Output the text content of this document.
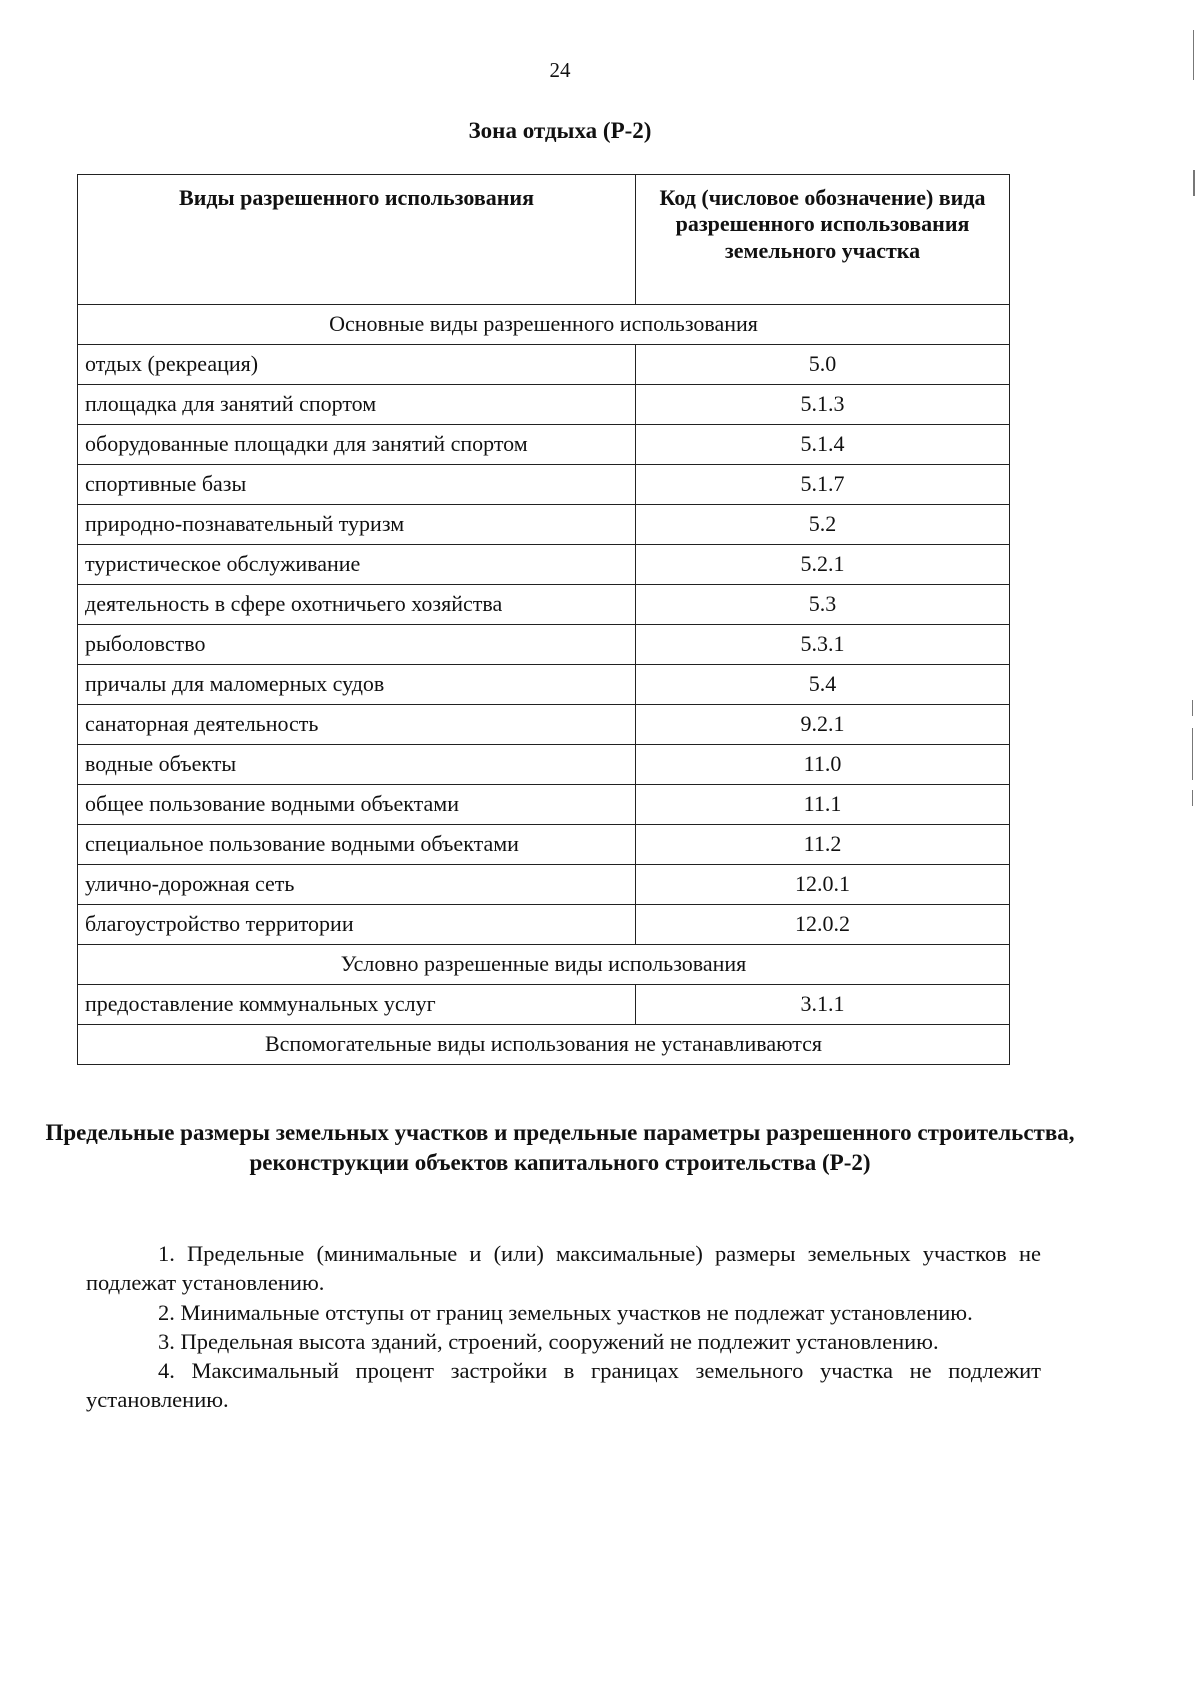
24
Зона отдыха (Р-2)
Виды разрешенного использования	Код (числовое обозначение) вида разрешенного использования земельного участка
Основные виды разрешенного использования	
отдых (рекреация)	5.0
площадка для занятий спортом	5.1.3
оборудованные площадки для занятий спортом	5.1.4
спортивные базы	5.1.7
природно-познавательный туризм	5.2
туристическое обслуживание	5.2.1
деятельность в сфере охотничьего хозяйства	5.3
рыболовство	5.3.1
причалы для маломерных судов	5.4
санаторная деятельность	9.2.1
водные объекты	11.0
общее пользование водными объектами	11.1
специальное пользование водными объектами	11.2
улично-дорожная сеть	12.0.1
благоустройство территории	12.0.2
Условно разрешенные виды использования	
предоставление коммунальных услуг	3.1.1
Вспомогательные виды использования не устанавливаются	
Предельные размеры земельных участков и предельные параметры разрешенного строительства, реконструкции объектов капитального строительства (Р-2)

1. Предельные (минимальные и (или) максимальные) размеры земельных участков не подлежат установлению.

2. Минимальные отступы от границ земельных участков не подлежат установлению.

3. Предельная высота зданий, строений, сооружений не подлежит установлению.

4. Максимальный процент застройки в границах земельного участка не подлежит установлению.
